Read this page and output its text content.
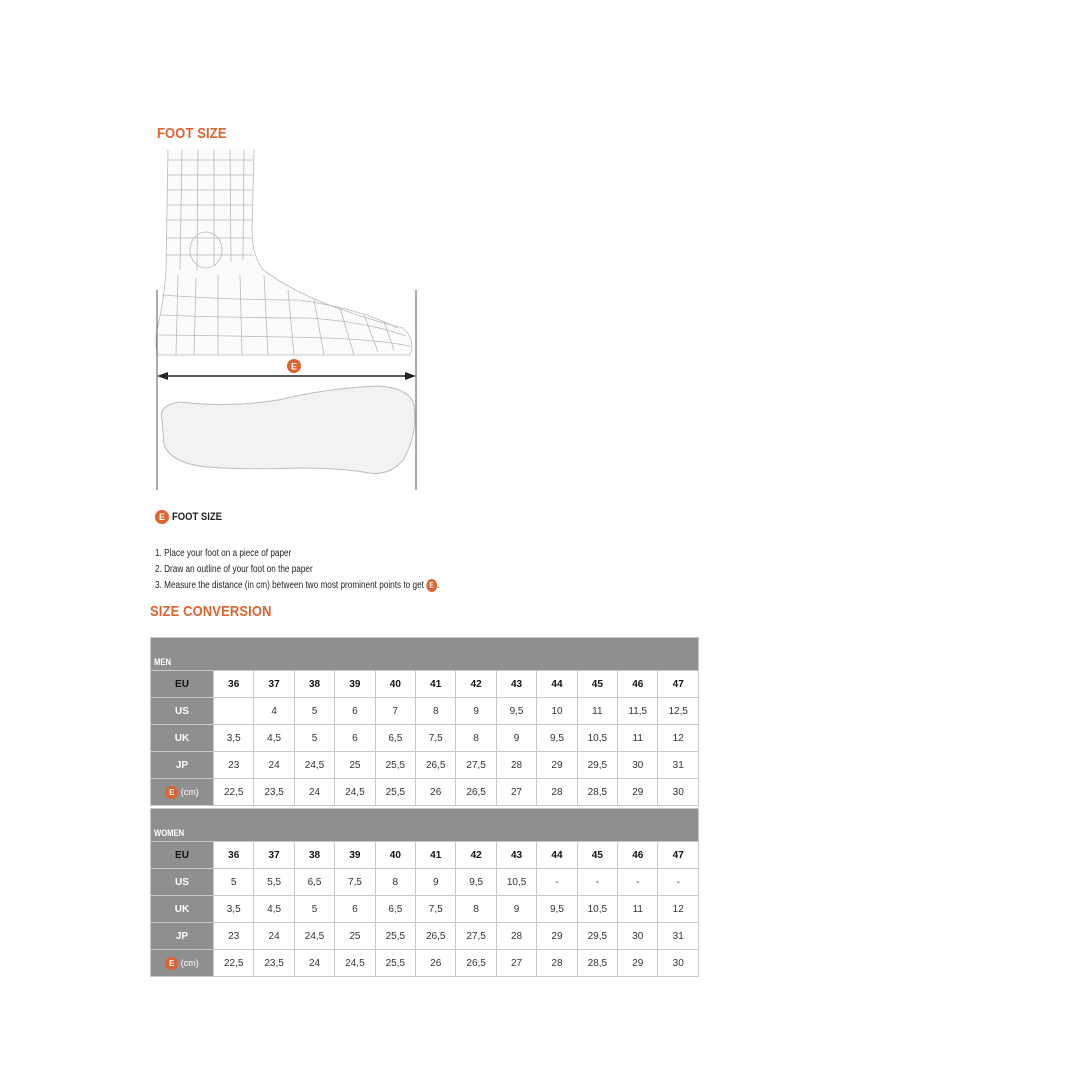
FOOT SIZE
E
E FOOT SIZE
1. Place your foot on a piece of paper
2. Draw an outline of your foot on the paper
3. Measure the distance (in cm) between two most prominent points to get E .
SIZE CONVERSION
MEN												
EU	36	37	38	39	40	41	42	43	44	45	46	47
US		4	5	6	7	8	9	9,5	10	11	11,5	12,5
UK	3,5	4,5	5	6	6,5	7,5	8	9	9,5	10,5	11	12
JP	23	24	24,5	25	25,5	26,5	27,5	28	29	29,5	30	31
E (cm)	22,5	23,5	24	24,5	25,5	26	26,5	27	28	28,5	29	30
WOMEN												
EU	36	37	38	39	40	41	42	43	44	45	46	47
US	5	5,5	6,5	7,5	8	9	9,5	10,5	-	-	-	-
UK	3,5	4,5	5	6	6,5	7,5	8	9	9,5	10,5	11	12
JP	23	24	24,5	25	25,5	26,5	27,5	28	29	29,5	30	31
E (cm)	22,5	23,5	24	24,5	25,5	26	26,5	27	28	28,5	29	30
